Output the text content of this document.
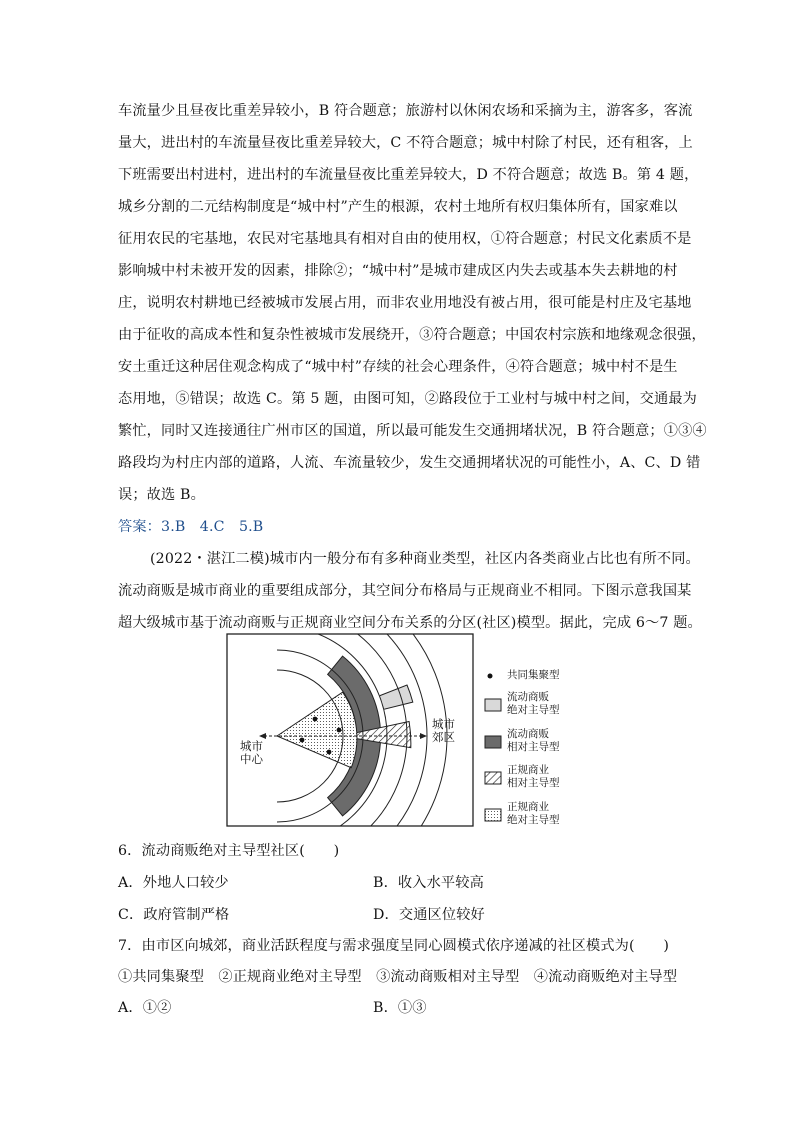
车流量少且昼夜比重差异较小，B 符合题意；旅游村以休闲农场和采摘为主，游客多，客流
量大，进出村的车流量昼夜比重差异较大，C 不符合题意；城中村除了村民，还有租客，上
下班需要出村进村，进出村的车流量昼夜比重差异较大，D 不符合题意；故选 B。第 4 题，
城乡分割的二元结构制度是“城中村”产生的根源，农村土地所有权归集体所有，国家难以
征用农民的宅基地，农民对宅基地具有相对自由的使用权，①符合题意；村民文化素质不是
影响城中村未被开发的因素，排除②；“城中村”是城市建成区内失去或基本失去耕地的村
庄，说明农村耕地已经被城市发展占用，而非农业用地没有被占用，很可能是村庄及宅基地
由于征收的高成本性和复杂性被城市发展绕开，③符合题意；中国农村宗族和地缘观念很强，
安土重迁这种居住观念构成了“城中村”存续的社会心理条件，④符合题意；城中村不是生
态用地，⑤错误；故选 C。第 5 题，由图可知，②路段位于工业村与城中村之间，交通最为
繁忙，同时又连接通往广州市区的国道，所以最可能发生交通拥堵状况，B 符合题意；①③④
路段均为村庄内部的道路，人流、车流量较少，发生交通拥堵状况的可能性小，A、C、D 错
误；故选 B。
答案：3.B　4.C　5.B
(2022・湛江二模)城市内一般分布有多种商业类型，社区内各类商业占比也有所不同。
流动商贩是城市商业的重要组成部分，其空间分布格局与正规商业不相同。下图示意我国某
超大级城市基于流动商贩与正规商业空间分布关系的分区(社区)模型。据此，完成 6～7 题。
城市
中心
城市
郊区
共同集聚型
流动商贩
绝对主导型
流动商贩
相对主导型
正规商业
相对主导型
正规商业
绝对主导型
6．流动商贩绝对主导型社区(　　)
A．外地人口较少	B．收入水平较高
C．政府管制严格	D．交通区位较好
7．由市区向城郊，商业活跃程度与需求强度呈同心圆模式依序递减的社区模式为(　　)
①共同集聚型　②正规商业绝对主导型　③流动商贩相对主导型　④流动商贩绝对主导型
A．①②	B．①③
